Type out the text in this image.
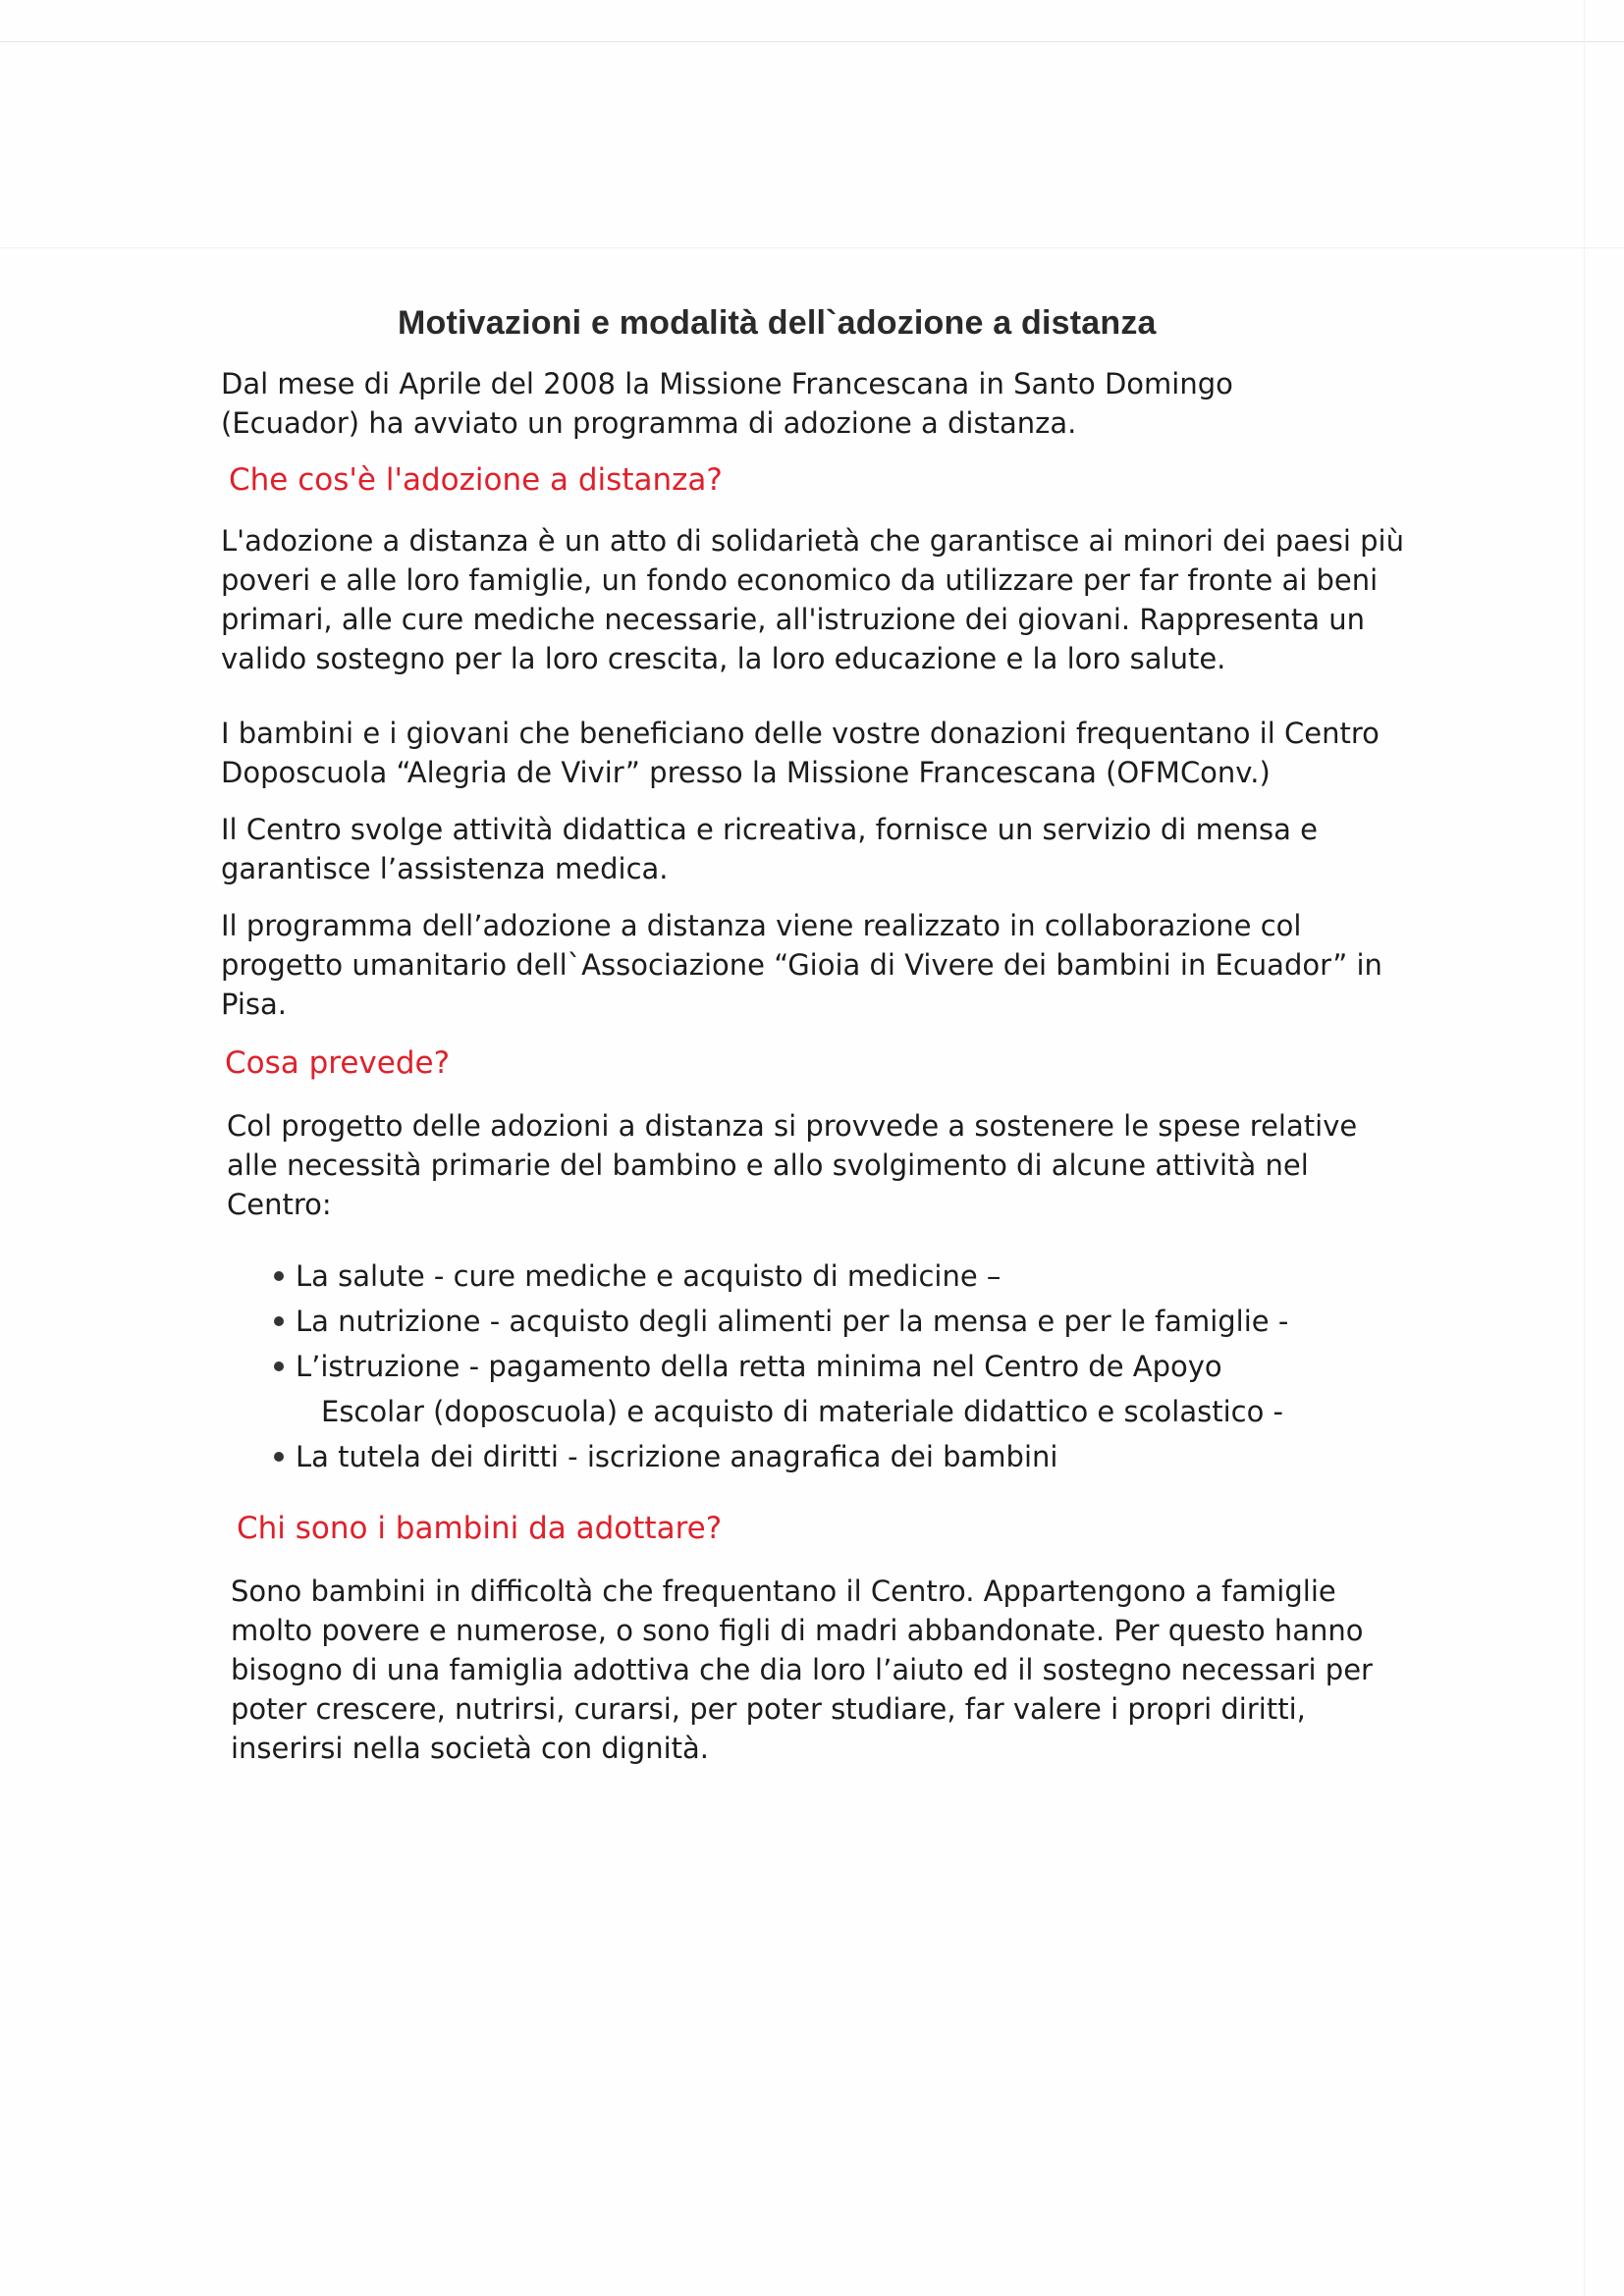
Motivazioni e modalità dell`adozione a distanza

Dal mese di Aprile del 2008 la Missione Francescana in Santo Domingo (Ecuador) ha avviato un programma di adozione a distanza.

Che cos'è l'adozione a distanza?

L'adozione a distanza è un atto di solidarietà che garantisce ai minori dei paesi più poveri e alle loro famiglie, un fondo economico da utilizzare per far fronte ai beni primari, alle cure mediche necessarie, all'istruzione dei giovani. Rappresenta un valido sostegno per la loro crescita, la loro educazione e la loro salute.

I bambini e i giovani che beneficiano delle vostre donazioni frequentano il Centro Doposcuola “Alegria de Vivir” presso la Missione Francescana (OFMConv.)

Il Centro svolge attività didattica e ricreativa, fornisce un servizio di mensa e garantisce l’assistenza medica.

Il programma dell’adozione a distanza viene realizzato in collaborazione col progetto umanitario dell`Associazione “Gioia di Vivere dei bambini in Ecuador” in Pisa.

Cosa prevede?

Col progetto delle adozioni a distanza si provvede a sostenere le spese relative alle necessità primarie del bambino e allo svolgimento di alcune attività nel Centro:

La salute - cure mediche e acquisto di medicine –
La nutrizione - acquisto degli alimenti per la mensa e per le famiglie -
L’istruzione - pagamento della retta minima nel Centro de Apoyo
Escolar (doposcuola) e acquisto di materiale didattico e scolastico -
La tutela dei diritti - iscrizione anagrafica dei bambini

Chi sono i bambini da adottare?

Sono bambini in difficoltà che frequentano il Centro. Appartengono a famiglie molto povere e numerose, o sono figli di madri abbandonate. Per questo hanno bisogno di una famiglia adottiva che dia loro l’aiuto ed il sostegno necessari per poter crescere, nutrirsi, curarsi, per poter studiare, far valere i propri diritti, inserirsi nella società con dignità.
